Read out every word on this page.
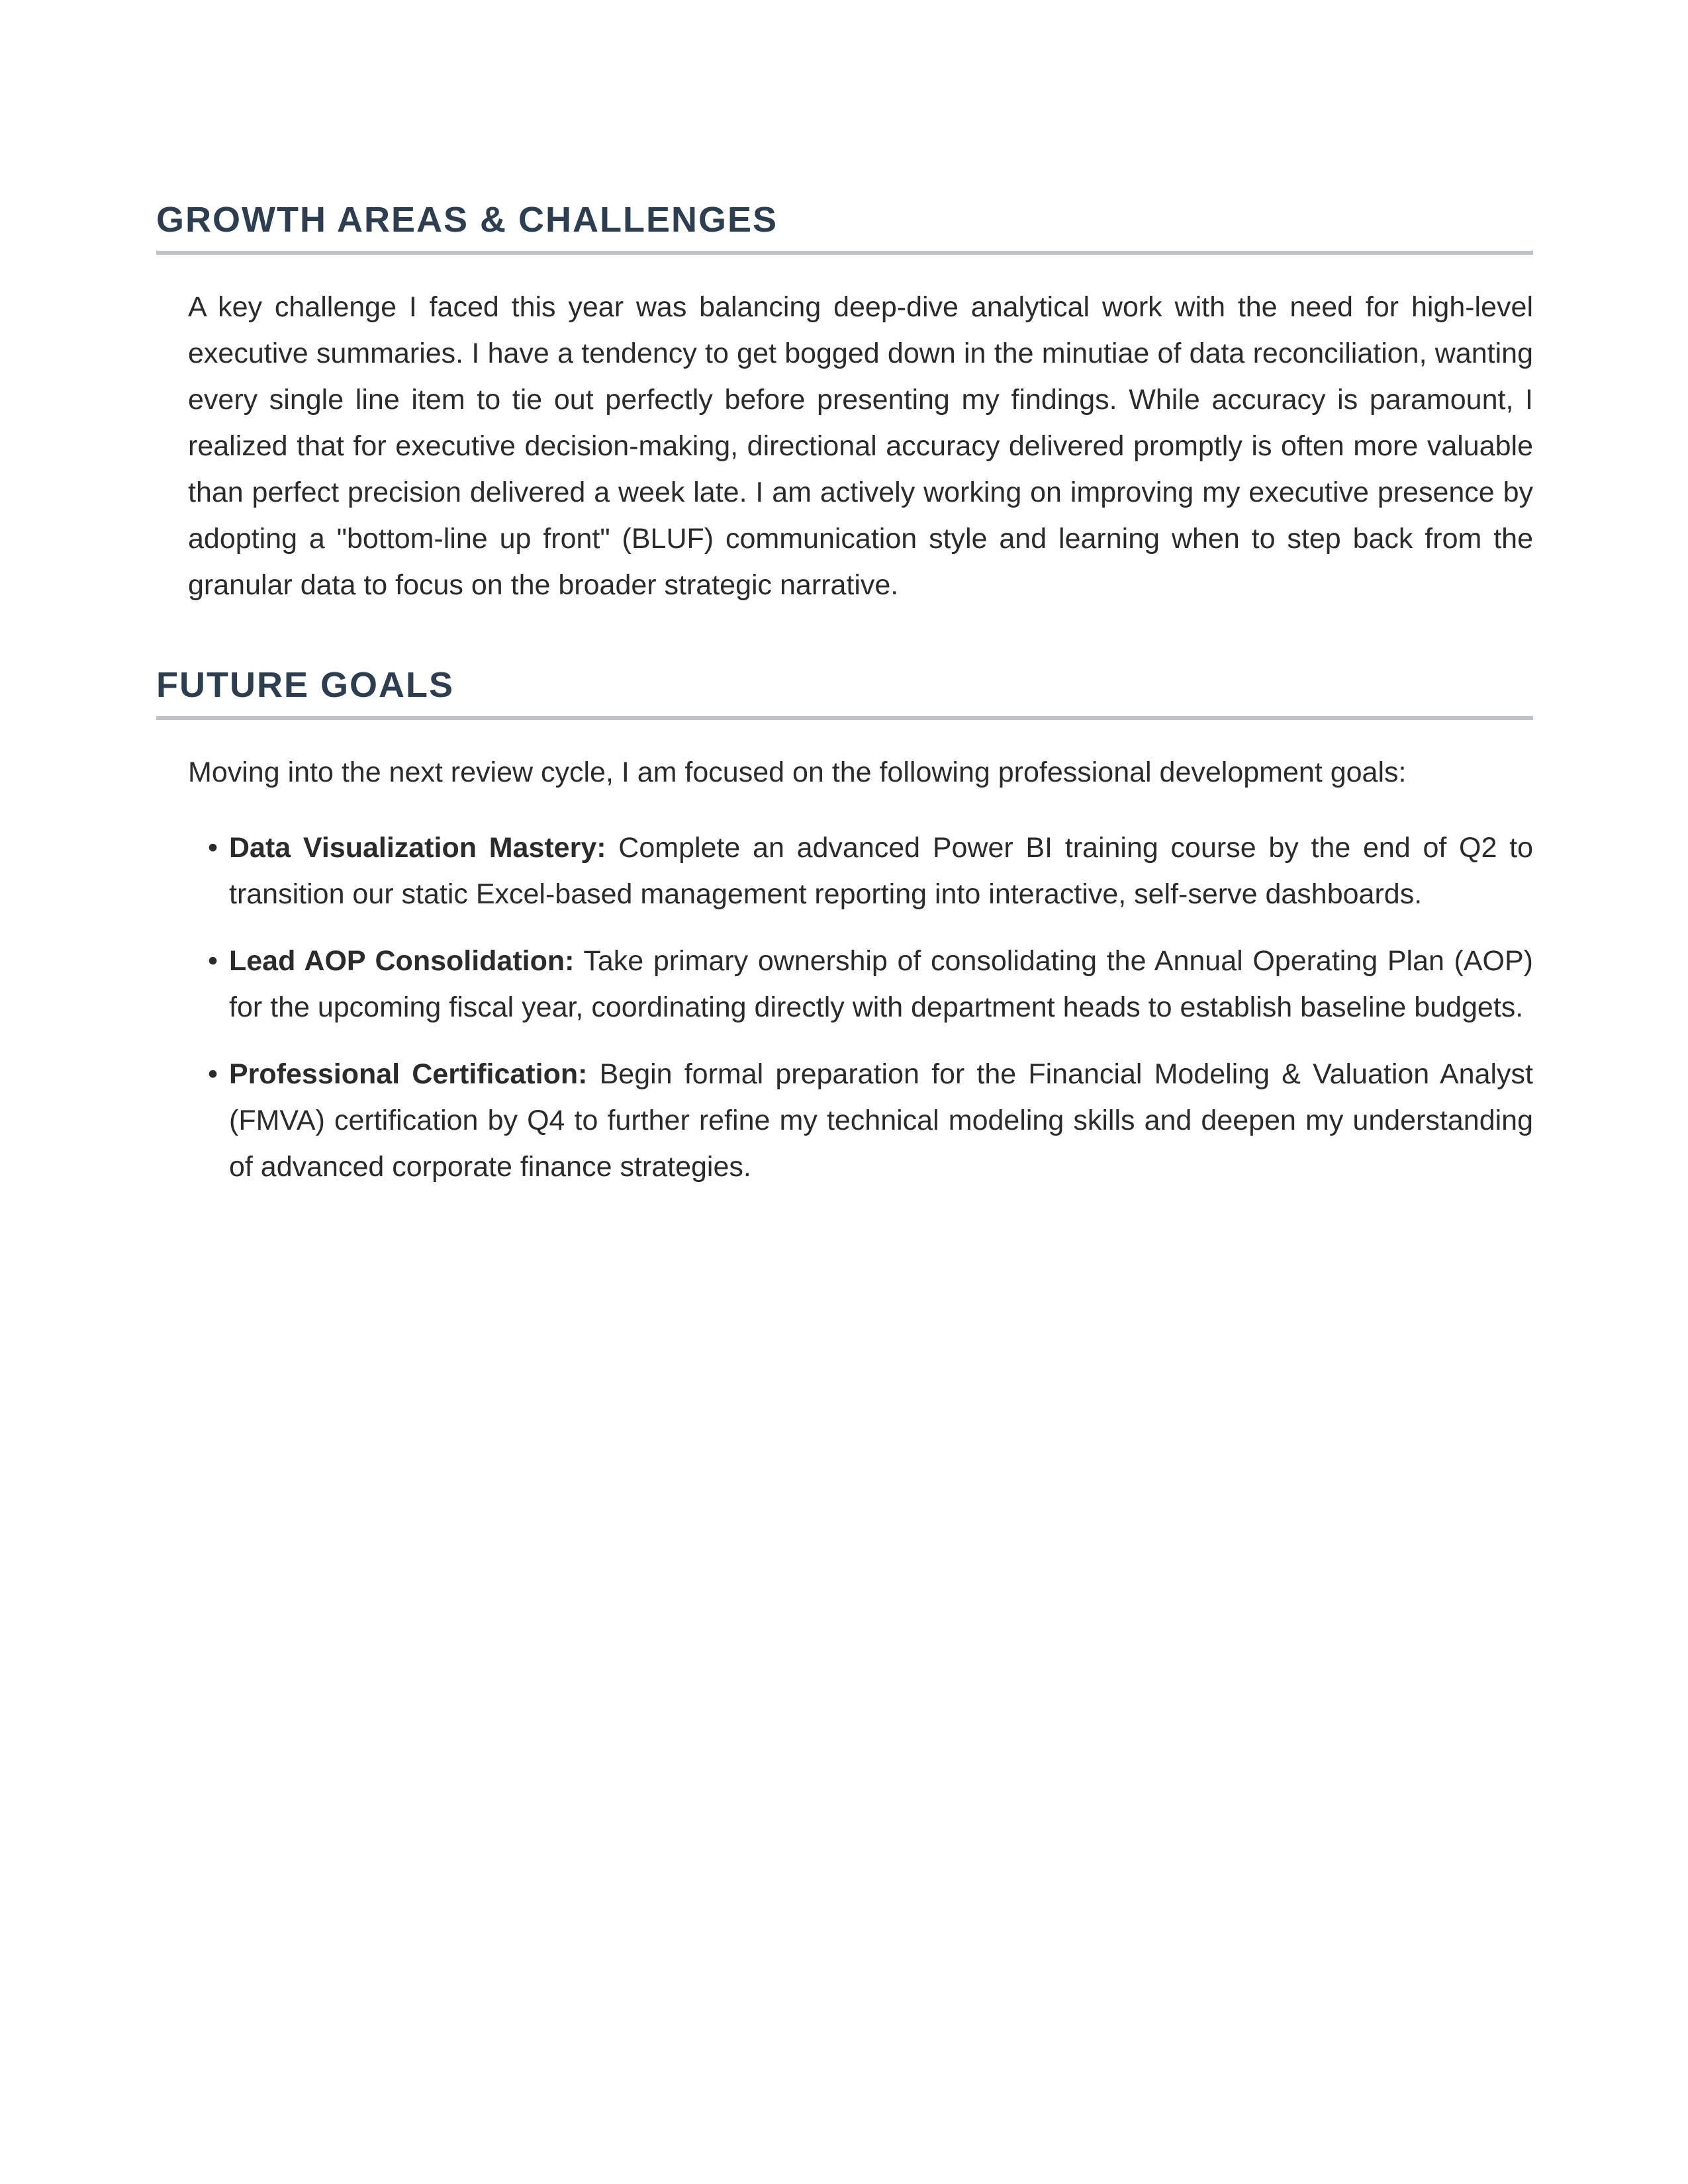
GROWTH AREAS & CHALLENGES

A key challenge I faced this year was balancing deep-dive analytical work with the need for high-level executive summaries. I have a tendency to get bogged down in the minutiae of data reconciliation, wanting every single line item to tie out perfectly before presenting my findings. While accuracy is paramount, I realized that for executive decision-making, directional accuracy delivered promptly is often more valuable than perfect precision delivered a week late. I am actively working on improving my executive presence by adopting a "bottom-line up front" (BLUF) communication style and learning when to step back from the granular data to focus on the broader strategic narrative.

FUTURE GOALS

Moving into the next review cycle, I am focused on the following professional development goals:

• Data Visualization Mastery: Complete an advanced Power BI training course by the end of Q2 to transition our static Excel-based management reporting into interactive, self-serve dashboards.
• Lead AOP Consolidation: Take primary ownership of consolidating the Annual Operating Plan (AOP) for the upcoming fiscal year, coordinating directly with department heads to establish baseline budgets.
• Professional Certification: Begin formal preparation for the Financial Modeling & Valuation Analyst (FMVA) certification by Q4 to further refine my technical modeling skills and deepen my understanding of advanced corporate finance strategies.
